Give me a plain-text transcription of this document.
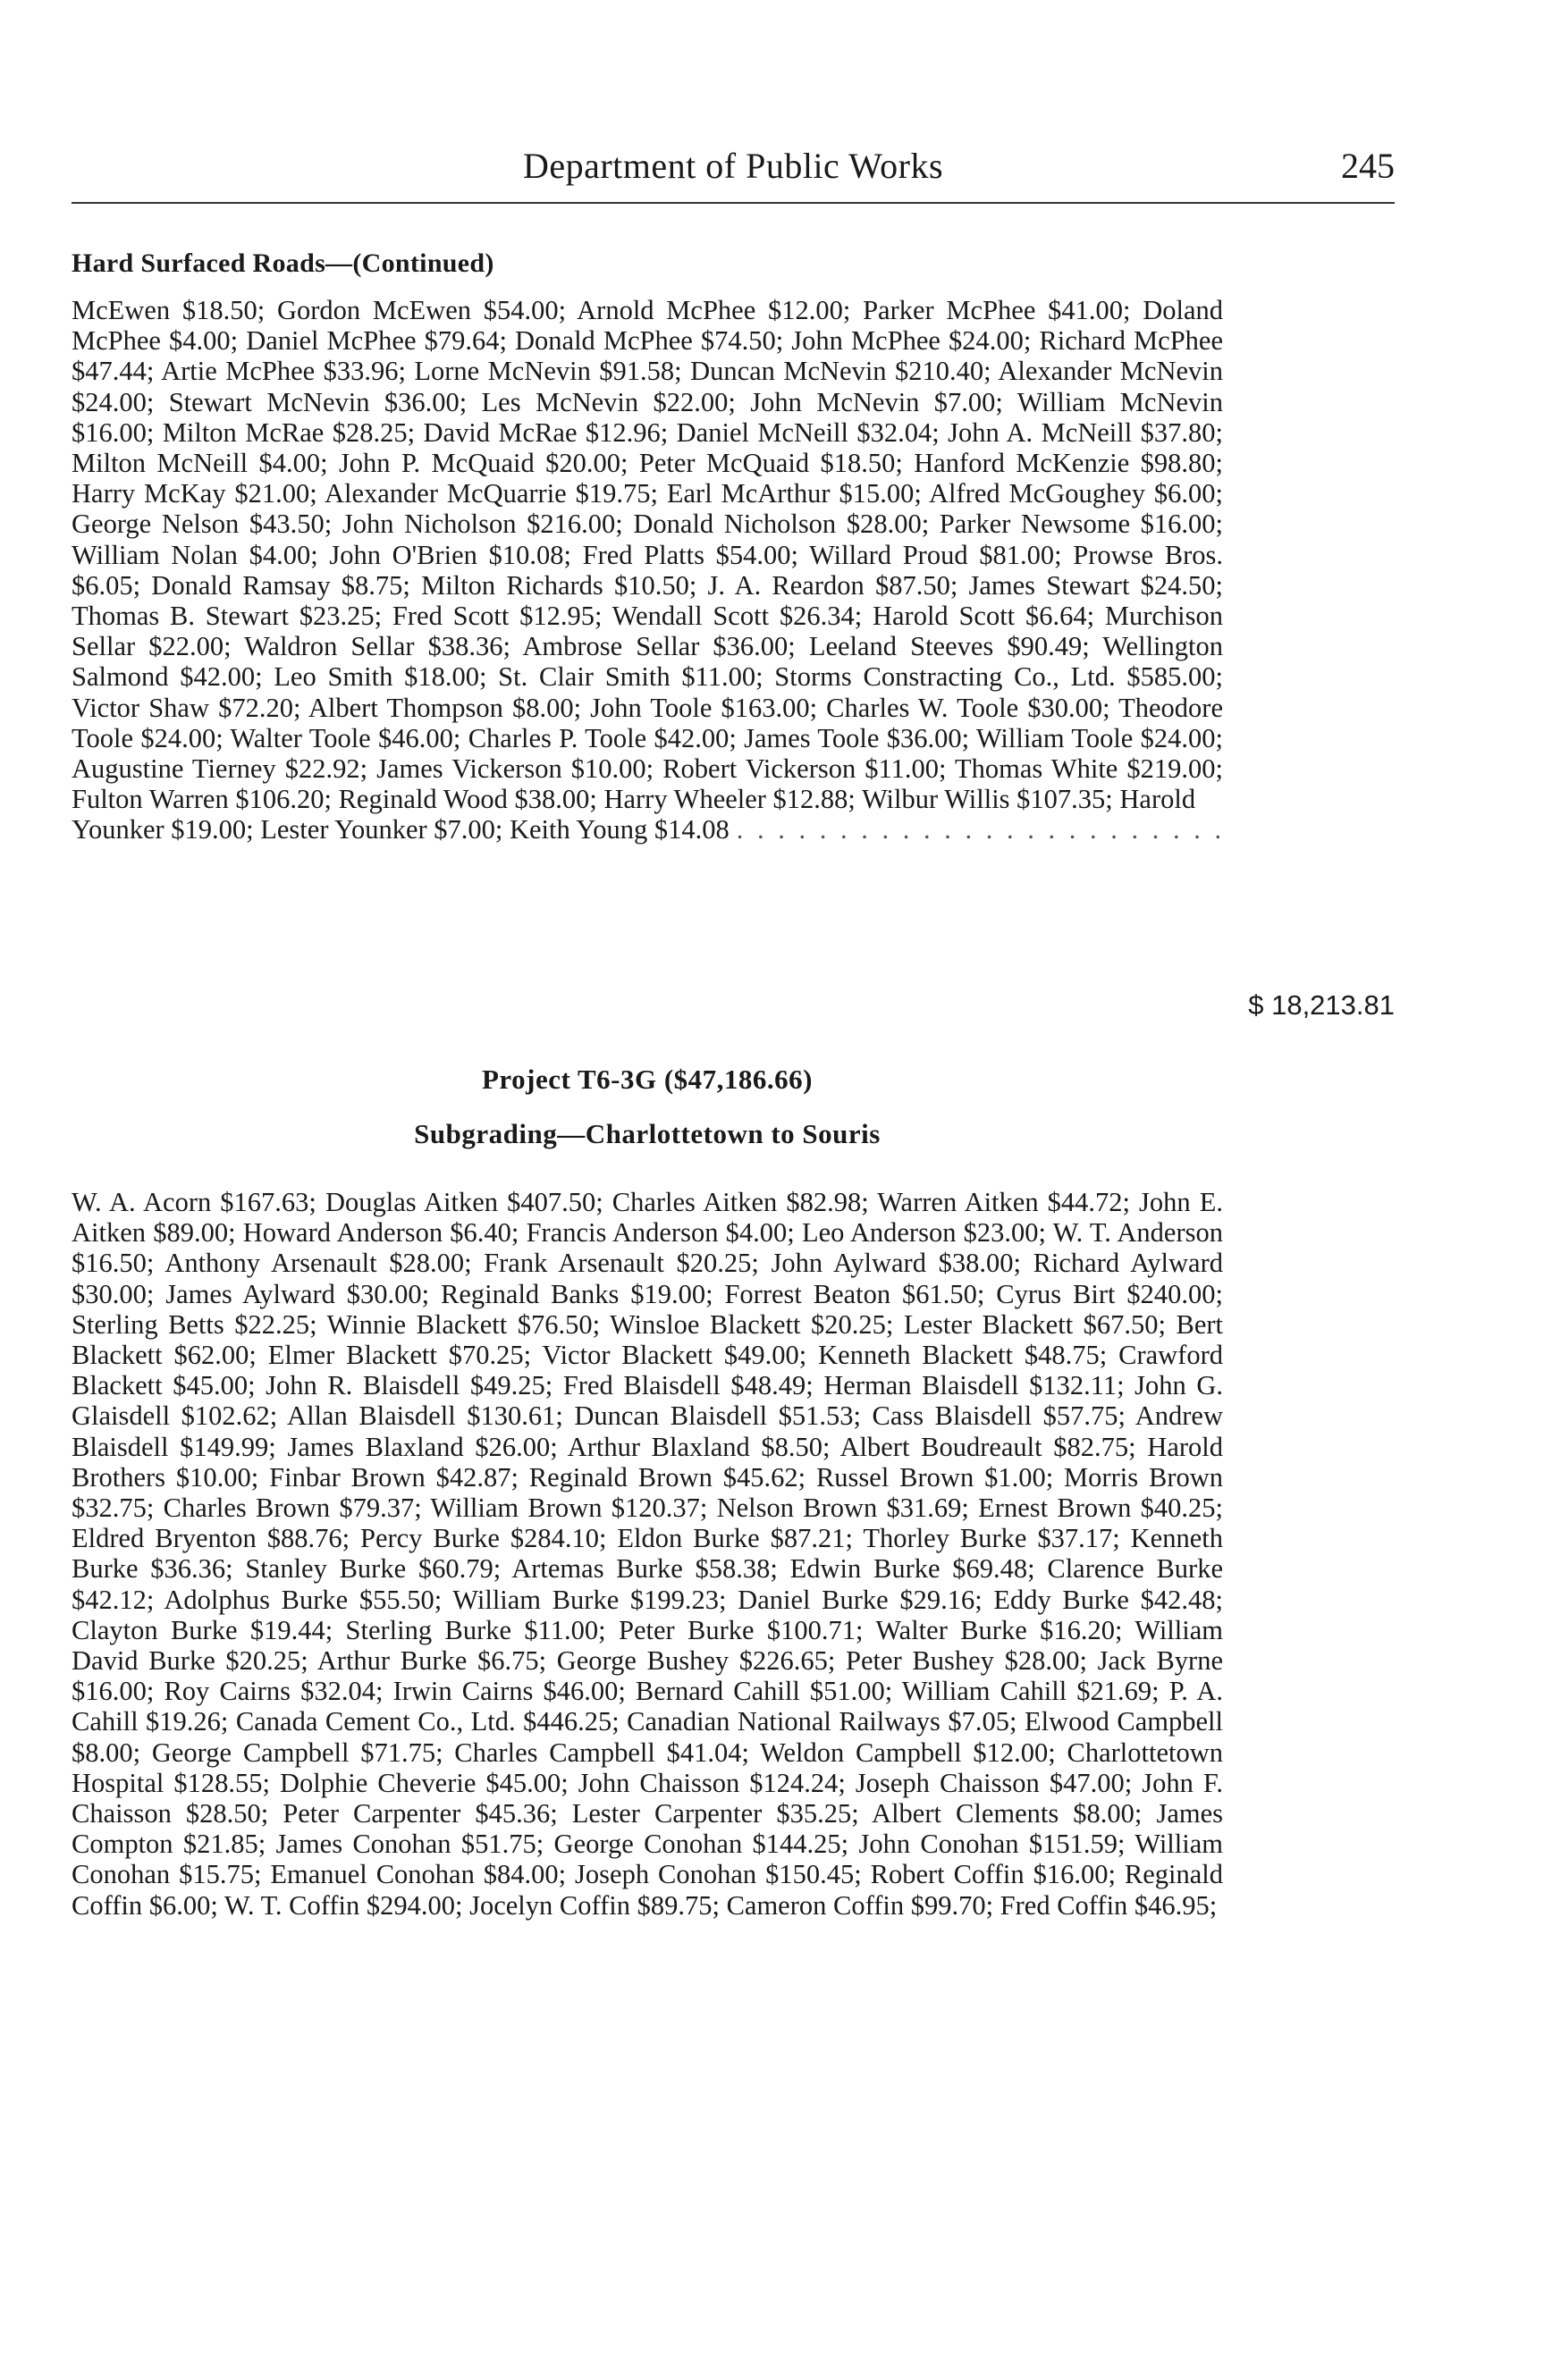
Department of Public Works	245
Hard Surfaced Roads—(Continued)
McEwen $18.50; Gordon McEwen $54.00; Arnold McPhee $12.00; Parker McPhee $41.00; Doland McPhee $4.00; Daniel McPhee $79.64; Donald McPhee $74.50; John McPhee $24.00; Richard McPhee $47.44; Artie McPhee $33.96; Lorne McNevin $91.58; Duncan McNevin $210.40; Alexander McNevin $24.00; Stewart McNevin $36.00; Les McNevin $22.00; John McNevin $7.00; William McNevin $16.00; Milton McRae $28.25; David McRae $12.96; Daniel McNeill $32.04; John A. McNeill $37.80; Milton McNeill $4.00; John P. McQuaid $20.00; Peter McQuaid $18.50; Hanford McKenzie $98.80; Harry McKay $21.00; Alexander McQuarrie $19.75; Earl McArthur $15.00; Alfred McGoughey $6.00; George Nelson $43.50; John Nicholson $216.00; Donald Nicholson $28.00; Parker Newsome $16.00; William Nolan $4.00; John O'Brien $10.08; Fred Platts $54.00; Willard Proud $81.00; Prowse Bros. $6.05; Donald Ramsay $8.75; Milton Richards $10.50; J. A. Reardon $87.50; James Stewart $24.50; Thomas B. Stewart $23.25; Fred Scott $12.95; Wendall Scott $26.34; Harold Scott $6.64; Murchison Sellar $22.00; Waldron Sellar $38.36; Ambrose Sellar $36.00; Leeland Steeves $90.49; Wellington Salmond $42.00; Leo Smith $18.00; St. Clair Smith $11.00; Storms Constracting Co., Ltd. $585.00; Victor Shaw $72.20; Albert Thompson $8.00; John Toole $163.00; Charles W. Toole $30.00; Theodore Toole $24.00; Walter Toole $46.00; Charles P. Toole $42.00; James Toole $36.00; William Toole $24.00; Augustine Tierney $22.92; James Vickerson $10.00; Robert Vickerson $11.00; Thomas White $219.00; Fulton Warren $106.20; Reginald Wood $38.00; Harry Wheeler $12.88; Wilbur Willis $107.35; Harold
Younker $19.00; Lester Younker $7.00; Keith Young $14.08
. . .
$ 18,213.81
Project T6-3G ($47,186.66)
Subgrading—Charlottetown to Souris
W. A. Acorn $167.63; Douglas Aitken $407.50; Charles Aitken $82.98; Warren Aitken $44.72; John E. Aitken $89.00; Howard Anderson $6.40; Francis Anderson $4.00; Leo Anderson $23.00; W. T. Anderson $16.50; Anthony Arsenault $28.00; Frank Arsenault $20.25; John Aylward $38.00; Richard Aylward $30.00; James Aylward $30.00; Reginald Banks $19.00; Forrest Beaton $61.50; Cyrus Birt $240.00; Sterling Betts $22.25; Winnie Blackett $76.50; Winsloe Blackett $20.25; Lester Blackett $67.50; Bert Blackett $62.00; Elmer Blackett $70.25; Victor Blackett $49.00; Kenneth Blackett $48.75; Crawford Blackett $45.00; John R. Blaisdell $49.25; Fred Blaisdell $48.49; Herman Blaisdell $132.11; John G. Glaisdell $102.62; Allan Blaisdell $130.61; Duncan Blaisdell $51.53; Cass Blaisdell $57.75; Andrew Blaisdell $149.99; James Blaxland $26.00; Arthur Blaxland $8.50; Albert Boudreault $82.75; Harold Brothers $10.00; Finbar Brown $42.87; Reginald Brown $45.62; Russel Brown $1.00; Morris Brown $32.75; Charles Brown $79.37; William Brown $120.37; Nelson Brown $31.69; Ernest Brown $40.25; Eldred Bryenton $88.76; Percy Burke $284.10; Eldon Burke $87.21; Thorley Burke $37.17; Kenneth Burke $36.36; Stanley Burke $60.79; Artemas Burke $58.38; Edwin Burke $69.48; Clarence Burke $42.12; Adolphus Burke $55.50; William Burke $199.23; Daniel Burke $29.16; Eddy Burke $42.48; Clayton Burke $19.44; Sterling Burke $11.00; Peter Burke $100.71; Walter Burke $16.20; William David Burke $20.25; Arthur Burke $6.75; George Bushey $226.65; Peter Bushey $28.00; Jack Byrne $16.00; Roy Cairns $32.04; Irwin Cairns $46.00; Bernard Cahill $51.00; William Cahill $21.69; P. A. Cahill $19.26; Canada Cement Co., Ltd. $446.25; Canadian National Railways $7.05; Elwood Campbell $8.00; George Campbell $71.75; Charles Campbell $41.04; Weldon Campbell $12.00; Charlottetown Hospital $128.55; Dolphie Cheverie $45.00; John Chaisson $124.24; Joseph Chaisson $47.00; John F. Chaisson $28.50; Peter Carpenter $45.36; Lester Carpenter $35.25; Albert Clements $8.00; James Compton $21.85; James Conohan $51.75; George Conohan $144.25; John Conohan $151.59; William Conohan $15.75; Emanuel Conohan $84.00; Joseph Conohan $150.45; Robert Coffin $16.00; Reginald Coffin $6.00; W. T. Coffin $294.00; Jocelyn Coffin $89.75; Cameron Coffin $99.70; Fred Coffin $46.95;
